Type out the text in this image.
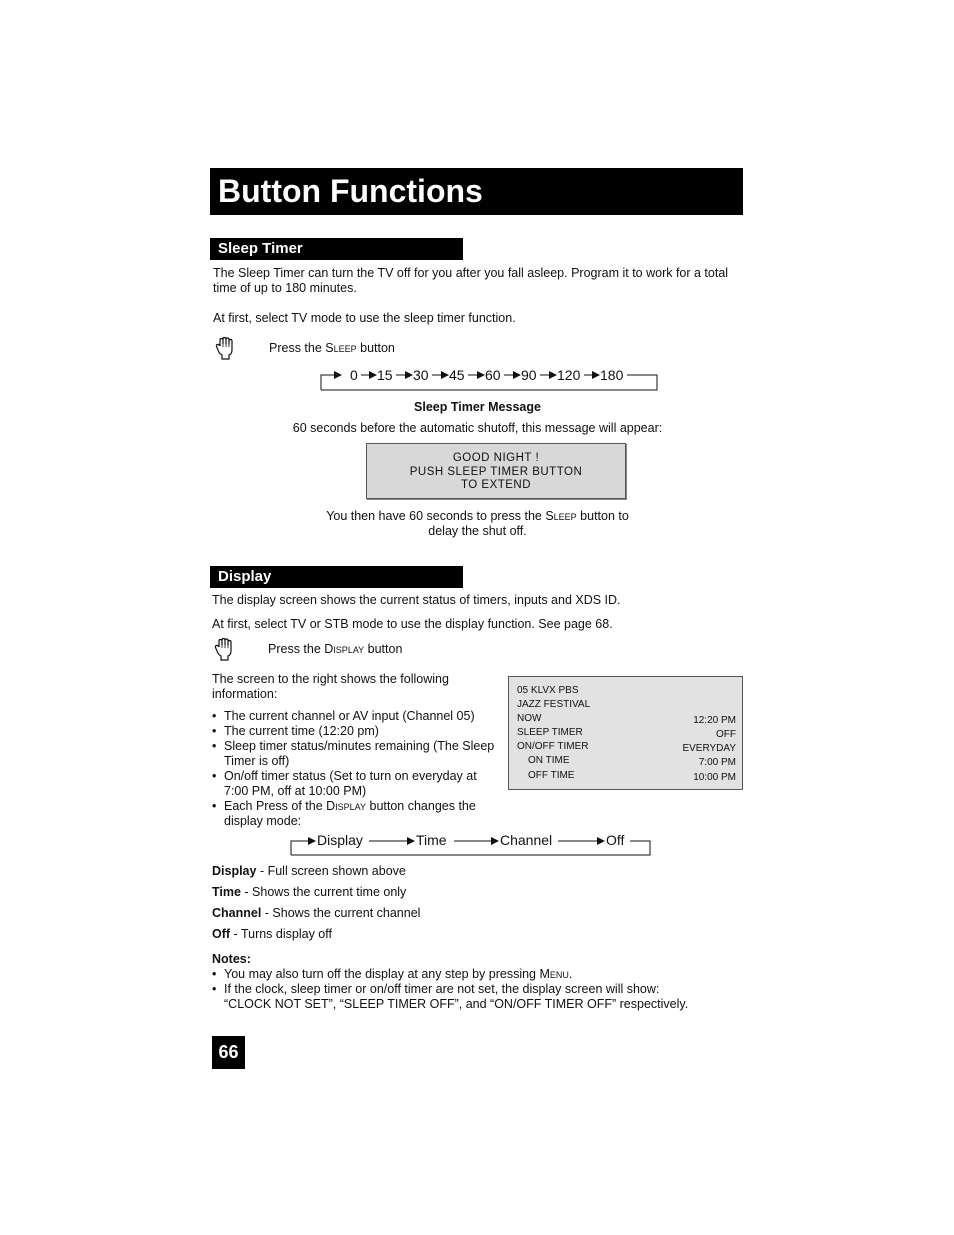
Button Functions
Sleep Timer
The Sleep Timer can turn the TV off for you after you fall asleep. Program it to work for a total
time of up to 180 minutes.
At first, select TV mode to use the sleep timer function.
Press the Sleep button
0 15 30 45 60 90 120 180
Sleep Timer Message
60 seconds before the automatic shutoff, this message will appear:
GOOD NIGHT !
PUSH SLEEP TIMER BUTTON
TO EXTEND
You then have 60 seconds to press the Sleep button to
delay the shut off.
Display
The display screen shows the current status of timers, inputs and XDS ID.
At first, select TV or STB mode to use the display function. See page 68.
Press the Display button
The screen to the right shows the following
information:
• The current channel or AV input (Channel 05)
• The current time (12:20 pm)
• Sleep timer status/minutes remaining (The Sleep
Timer is off)
• On/off timer status (Set to turn on everyday at
7:00 PM, off at 10:00 PM)
• Each Press of the Display button changes the
display mode:
05 KLVX PBS
JAZZ FESTIVAL
NOW	12:20 PM
SLEEP TIMER	OFF
ON/OFF TIMER	EVERYDAY
ON TIME	7:00 PM
OFF TIME	10:00 PM
Display	Time	Channel	Off
Display - Full screen shown above
Time - Shows the current time only
Channel - Shows the current channel
Off - Turns display off
Notes:
• You may also turn off the display at any step by pressing Menu.
• If the clock, sleep timer or on/off timer are not set, the display screen will show:
“CLOCK NOT SET”, “SLEEP TIMER OFF”, and “ON/OFF TIMER OFF” respectively.
66
